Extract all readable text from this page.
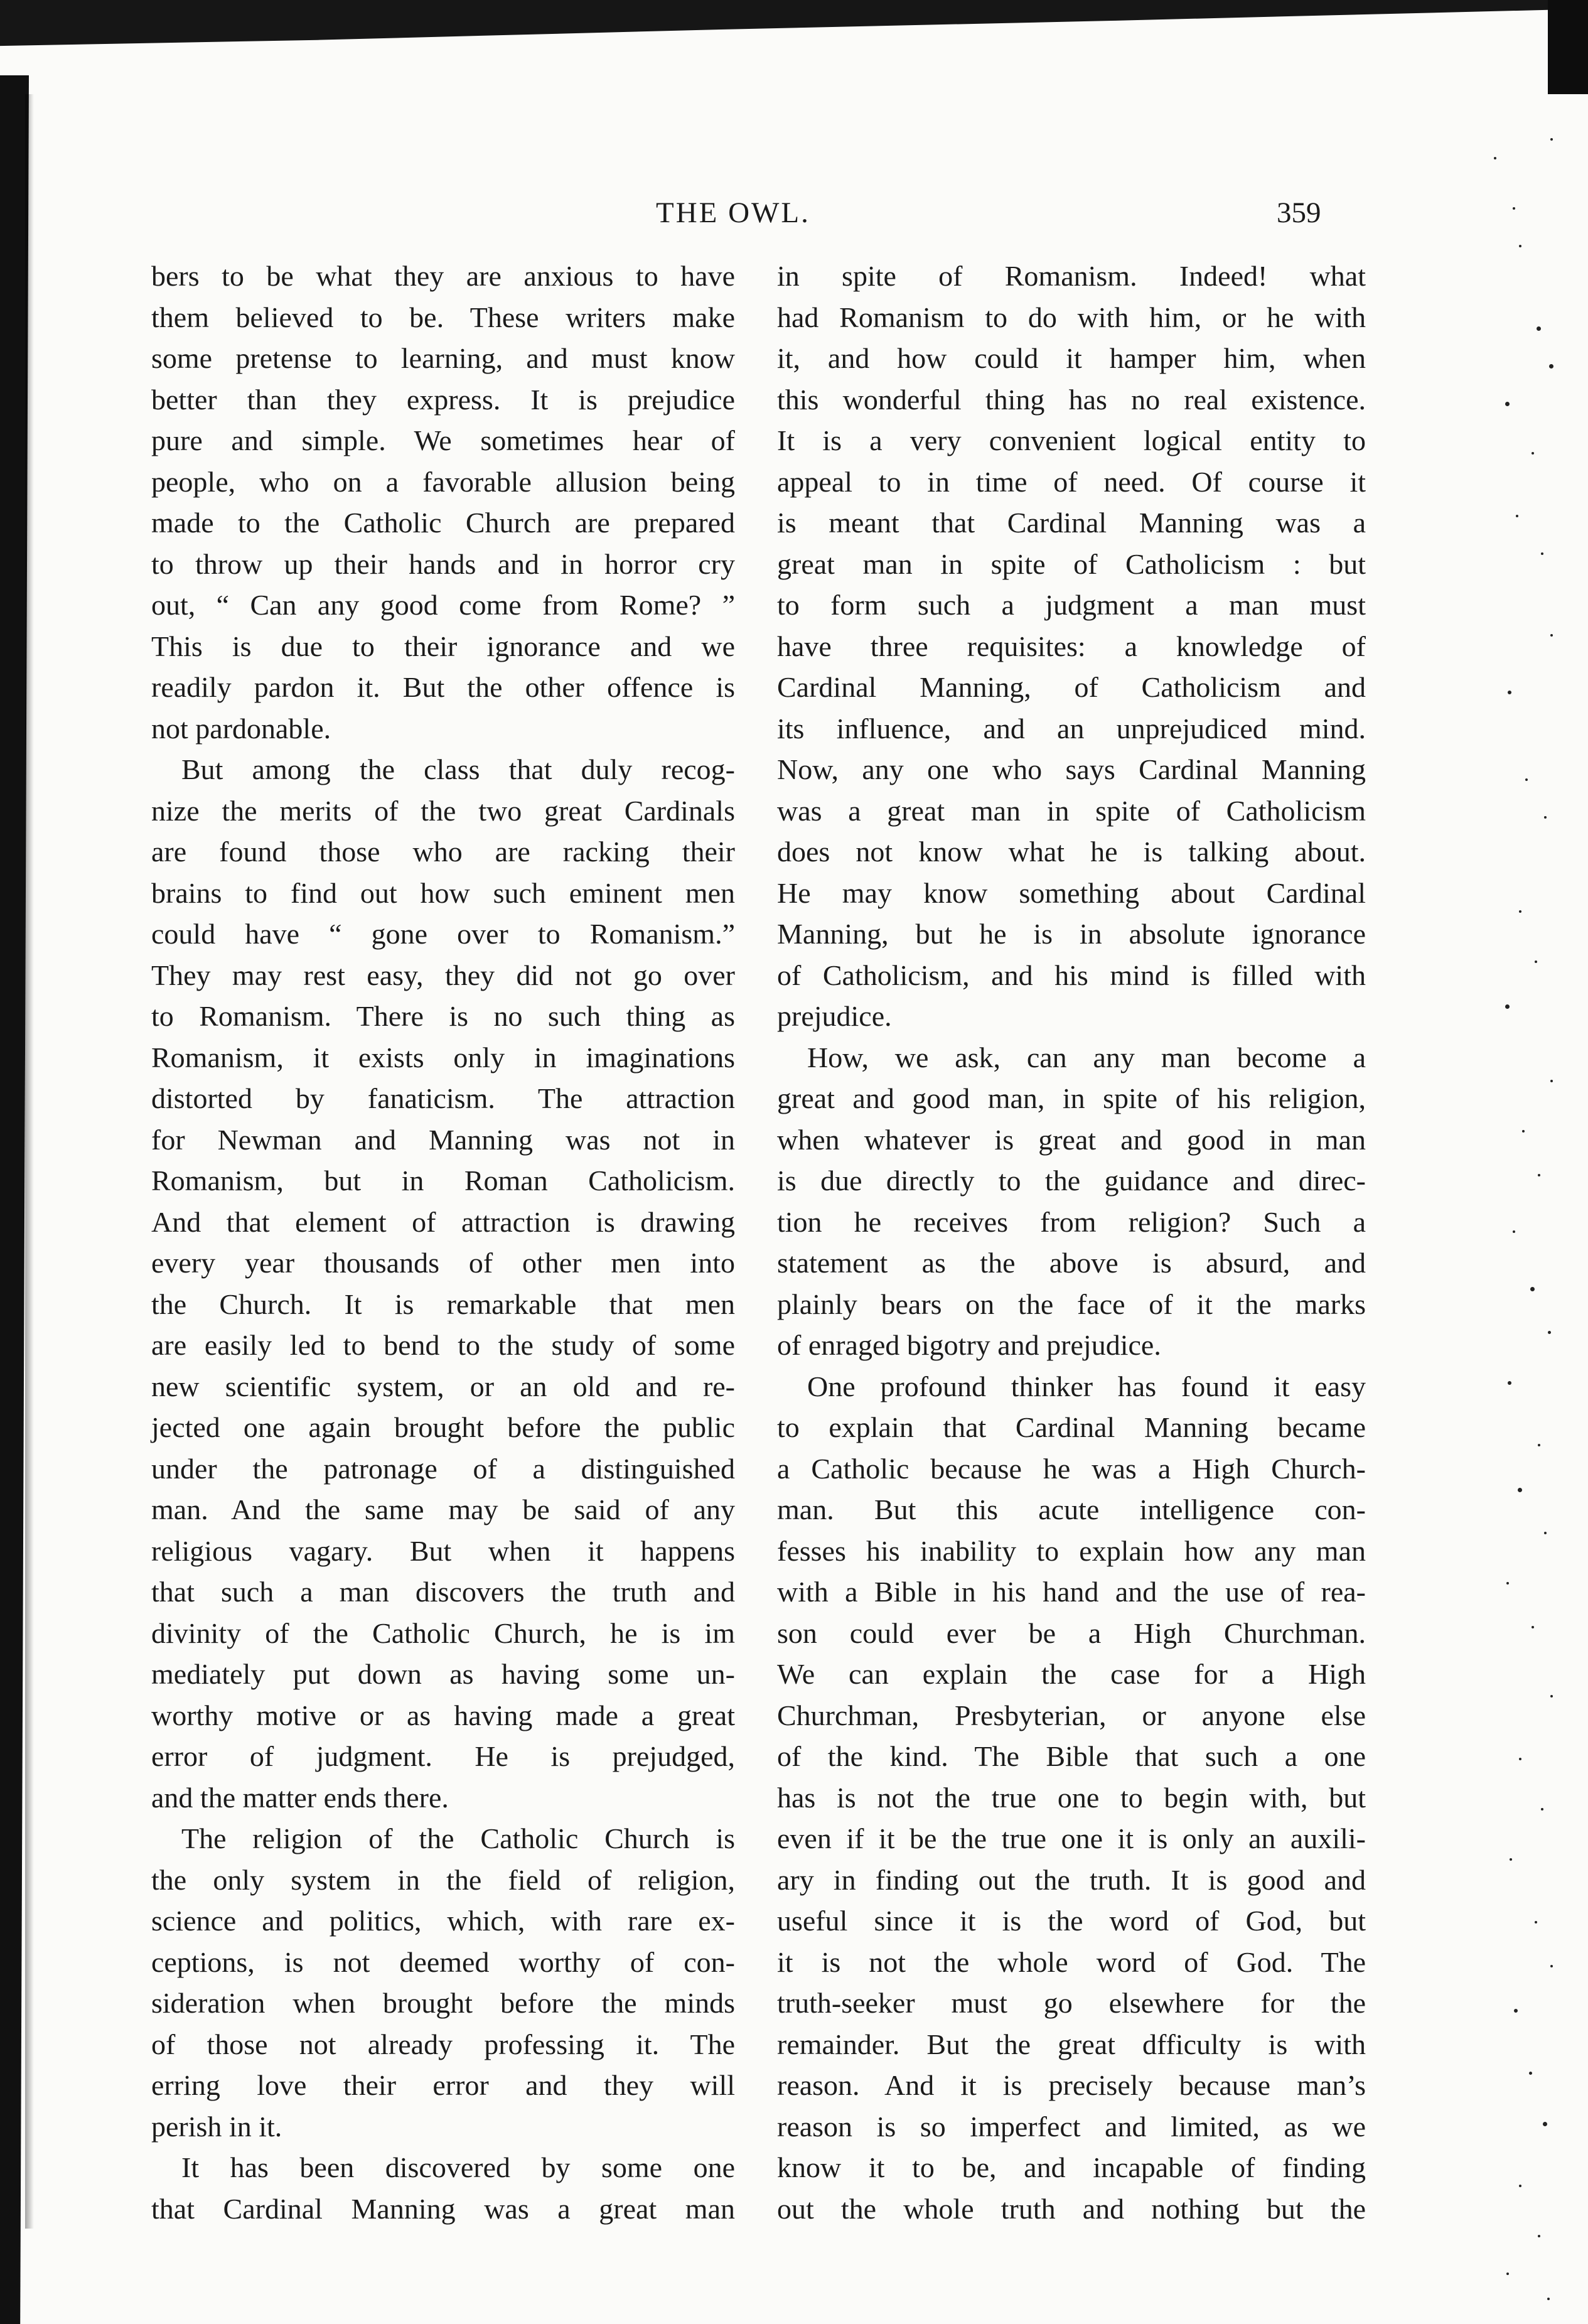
THE OWL.	359
bers to be what they are anxious to have
them believed to be. These writers make
some pretense to learning, and must know
better than they express. It is prejudice
pure and simple. We sometimes hear of
people, who on a favorable allusion being
made to the Catholic Church are prepared
to throw up their hands and in horror cry
out, “ Can any good come from Rome? ”
This is due to their ignorance and we
readily pardon it. But the other offence is
not pardonable.
But among the class that duly recog-
nize the merits of the two great Cardinals
are found those who are racking their
brains to find out how such eminent men
could have “ gone over to Romanism.”
They may rest easy, they did not go over
to Romanism. There is no such thing as
Romanism, it exists only in imaginations
distorted by fanaticism. The attraction
for Newman and Manning was not in
Romanism, but in Roman Catholicism.
And that element of attraction is drawing
every year thousands of other men into
the Church. It is remarkable that men
are easily led to bend to the study of some
new scientific system, or an old and re-
jected one again brought before the public
under the patronage of a distinguished
man. And the same may be said of any
religious vagary. But when it happens
that such a man discovers the truth and
divinity of the Catholic Church, he is im
mediately put down as having some un-
worthy motive or as having made a great
error of judgment. He is prejudged,
and the matter ends there.
The religion of the Catholic Church is
the only system in the field of religion,
science and politics, which, with rare ex-
ceptions, is not deemed worthy of con-
sideration when brought before the minds
of those not already professing it. The
erring love their error and they will
perish in it.
It has been discovered by some one
that Cardinal Manning was a great man
in spite of Romanism. Indeed! what
had Romanism to do with him, or he with
it, and how could it hamper him, when
this wonderful thing has no real existence.
It is a very convenient logical entity to
appeal to in time of need. Of course it
is meant that Cardinal Manning was a
great man in spite of Catholicism : but
to form such a judgment a man must
have three requisites: a knowledge of
Cardinal Manning, of Catholicism and
its influence, and an unprejudiced mind.
Now, any one who says Cardinal Manning
was a great man in spite of Catholicism
does not know what he is talking about.
He may know something about Cardinal
Manning, but he is in absolute ignorance
of Catholicism, and his mind is filled with
prejudice.
How, we ask, can any man become a
great and good man, in spite of his religion,
when whatever is great and good in man
is due directly to the guidance and direc-
tion he receives from religion? Such a
statement as the above is absurd, and
plainly bears on the face of it the marks
of enraged bigotry and prejudice.
One profound thinker has found it easy
to explain that Cardinal Manning became
a Catholic because he was a High Church-
man. But this acute intelligence con-
fesses his inability to explain how any man
with a Bible in his hand and the use of rea-
son could ever be a High Churchman.
We can explain the case for a High
Churchman, Presbyterian, or anyone else
of the kind. The Bible that such a one
has is not the true one to begin with, but
even if it be the true one it is only an auxili-
ary in finding out the truth. It is good and
useful since it is the word of God, but
it is not the whole word of God. The
truth-seeker must go elsewhere for the
remainder. But the great dfficulty is with
reason. And it is precisely because man’s
reason is so imperfect and limited, as we
know it to be, and incapable of finding
out the whole truth and nothing but the
